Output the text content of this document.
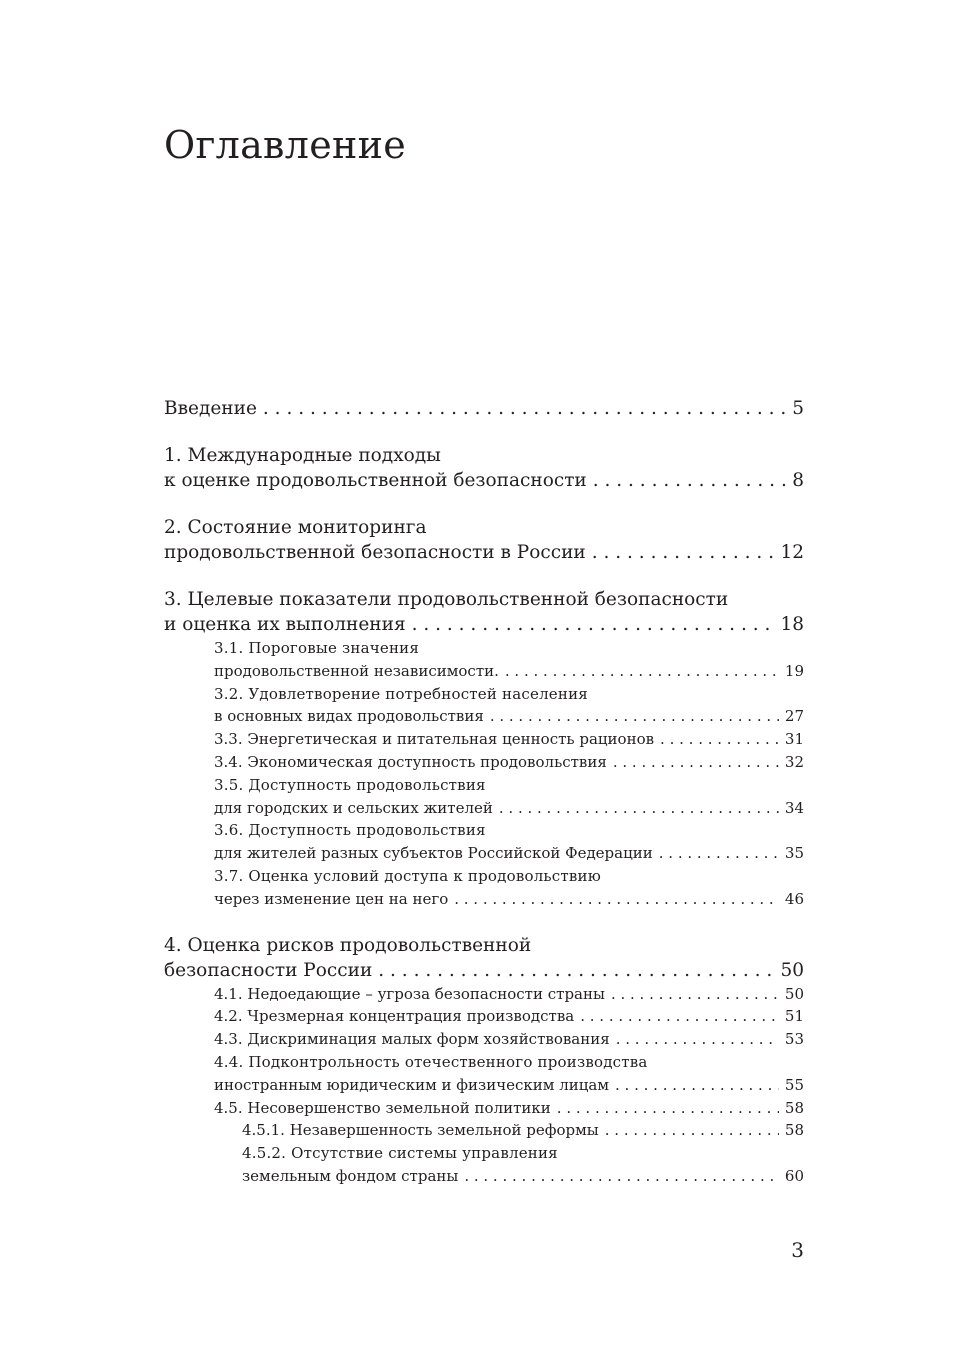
Оглавление
Введение . . .	5
1. Международные подходы
к оценке продовольственной безопасности . . .	8
2. Состояние мониторинга
продовольственной безопасности в России . . .	12
3. Целевые показатели продовольственной безопасности
и оценка их выполнения . . .	18
3.1. Пороговые значения
продовольственной независимости. . . .	19
3.2. Удовлетворение потребностей населения
в основных видах продовольствия . . .	27
3.3. Энергетическая и питательная ценность рационов . . .	31
3.4. Экономическая доступность продовольствия . . .	32
3.5. Доступность продовольствия
для городских и сельских жителей . . .	34
3.6. Доступность продовольствия
для жителей разных субъектов Российской Федерации . . .	35
3.7. Оценка условий доступа к продовольствию
через изменение цен на него . . .	46
4. Оценка рисков продовольственной
безопасности России . . .	50
4.1. Недоедающие – угроза безопасности страны . . .	50
4.2. Чрезмерная концентрация производства . . .	51
4.3. Дискриминация малых форм хозяйствования . . .	53
4.4. Подконтрольность отечественного производства
иностранным юридическим и физическим лицам . . .	55
4.5. Несовершенство земельной политики . . .	58
4.5.1. Незавершенность земельной реформы . . .	58
4.5.2. Отсутствие системы управления
земельным фондом страны . . .	60
3
